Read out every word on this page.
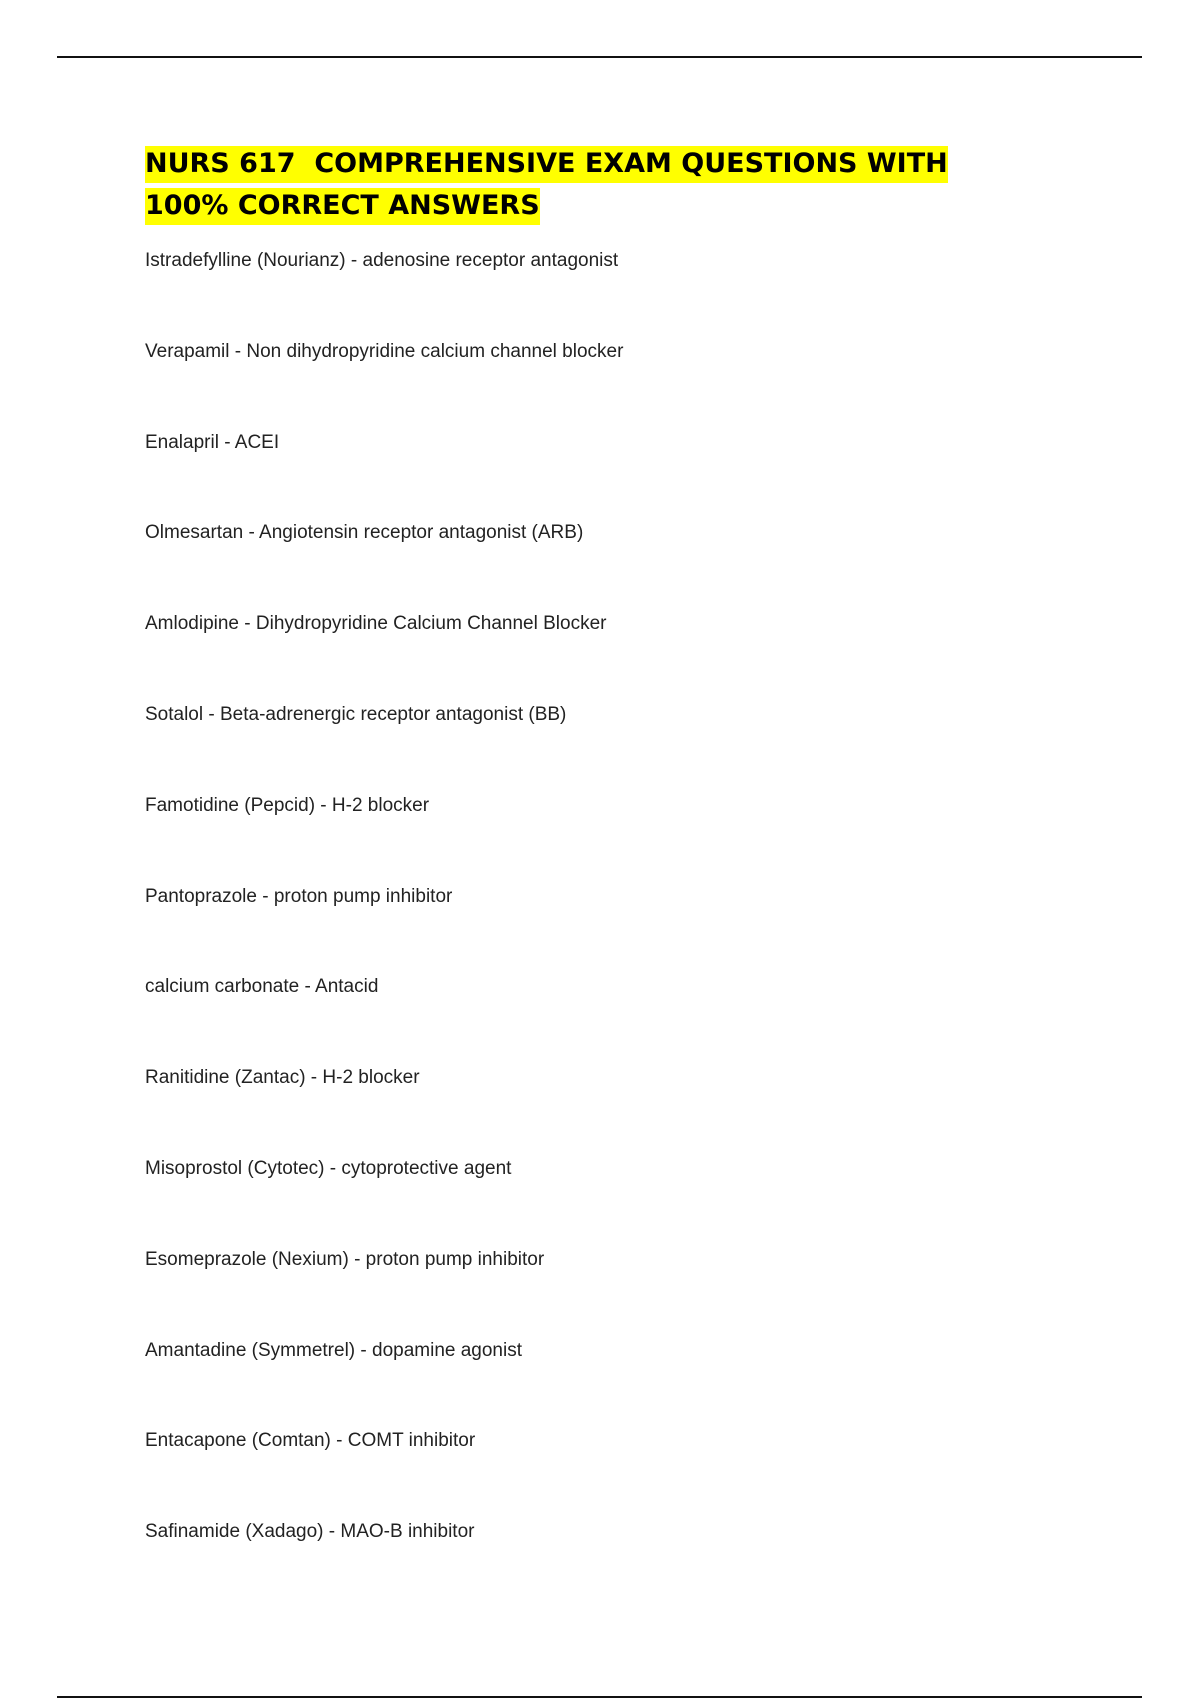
NURS 617  COMPREHENSIVE EXAM QUESTIONS WITH
100% CORRECT ANSWERS
Istradefylline (Nourianz) - adenosine receptor antagonist
Verapamil - Non dihydropyridine calcium channel blocker
Enalapril - ACEI
Olmesartan - Angiotensin receptor antagonist (ARB)
Amlodipine - Dihydropyridine Calcium Channel Blocker
Sotalol - Beta-adrenergic receptor antagonist (BB)
Famotidine (Pepcid) - H-2 blocker
Pantoprazole - proton pump inhibitor
calcium carbonate - Antacid
Ranitidine (Zantac) - H-2 blocker
Misoprostol (Cytotec) - cytoprotective agent
Esomeprazole (Nexium) - proton pump inhibitor
Amantadine (Symmetrel) - dopamine agonist
Entacapone (Comtan) - COMT inhibitor
Safinamide (Xadago) - MAO-B inhibitor
